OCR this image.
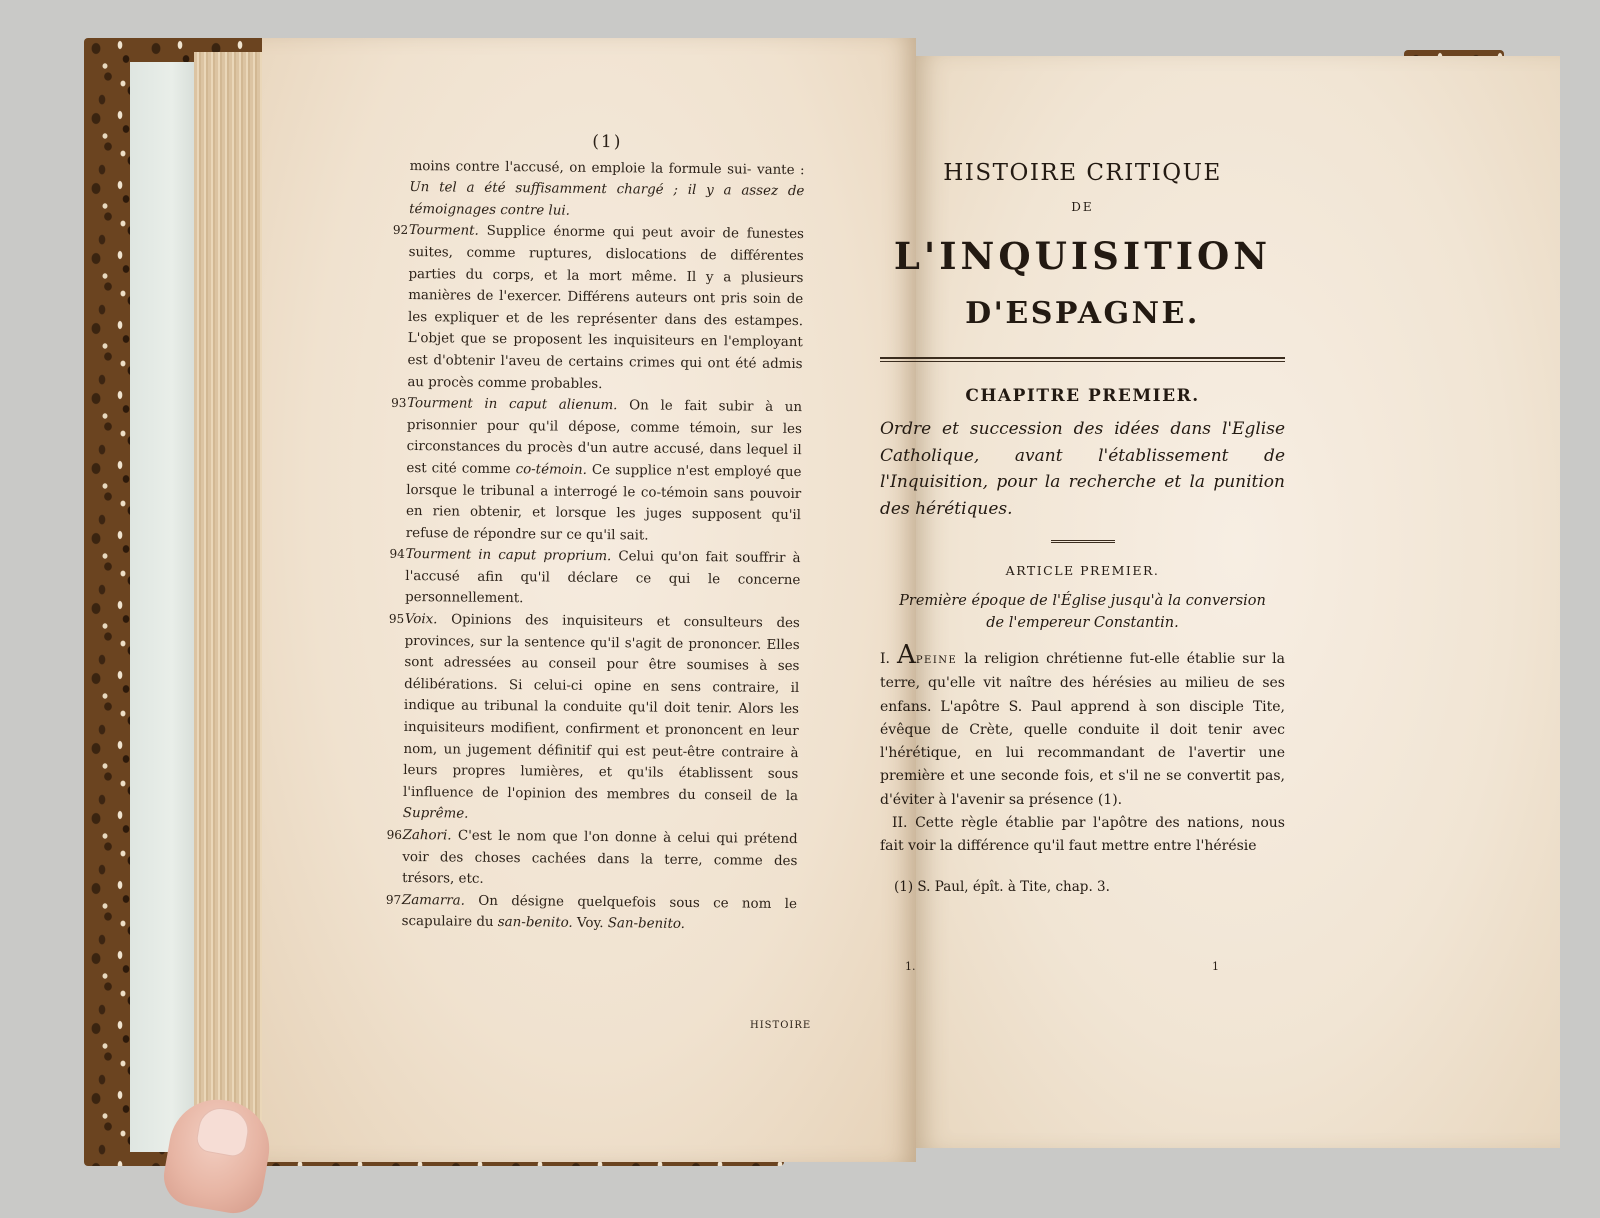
(1)

moins contre l'accusé, on emploie la formule sui- vante : Un tel a été suffisamment chargé ; il y a assez de témoignages contre lui.

92 Tourment. Supplice énorme qui peut avoir de funestes suites, comme ruptures, dislocations de différentes parties du corps, et la mort même. Il y a plusieurs manières de l'exercer. Différens auteurs ont pris soin de les expliquer et de les représenter dans des estampes. L'objet que se proposent les inquisiteurs en l'employant est d'obtenir l'aveu de certains crimes qui ont été admis au procès comme probables.

93 Tourment in caput alienum. On le fait subir à un prisonnier pour qu'il dépose, comme témoin, sur les circonstances du procès d'un autre accusé, dans lequel il est cité comme co-témoin. Ce supplice n'est employé que lorsque le tribunal a interrogé le co-témoin sans pouvoir en rien obtenir, et lorsque les juges supposent qu'il refuse de répondre sur ce qu'il sait.

94 Tourment in caput proprium. Celui qu'on fait souffrir à l'accusé afin qu'il déclare ce qui le concerne personnellement.

95 Voix. Opinions des inquisiteurs et consulteurs des provinces, sur la sentence qu'il s'agit de prononcer. Elles sont adressées au conseil pour être soumises à ses délibérations. Si celui-ci opine en sens contraire, il indique au tribunal la conduite qu'il doit tenir. Alors les inquisiteurs modifient, confirment et prononcent en leur nom, un jugement définitif qui est peut-être contraire à leurs propres lumières, et qu'ils établissent sous l'influence de l'opinion des membres du conseil de la Suprême.

96 Zahori. C'est le nom que l'on donne à celui qui prétend voir des choses cachées dans la terre, comme des trésors, etc.

97 Zamarra. On désigne quelquefois sous ce nom le scapulaire du san-benito. Voy. San-benito.

HISTOIRE

HISTOIRE CRITIQUE

DE

L'INQUISITION

D'ESPAGNE.

CHAPITRE PREMIER.

Ordre et succession des idées dans l'Eglise Catholique, avant l'établissement de l'Inquisition, pour la recherche et la punition des hérétiques.

ARTICLE PREMIER.

Première époque de l'Église jusqu'à la conversion
de l'empereur Constantin.

I. APEINE la religion chrétienne fut-elle établie sur la terre, qu'elle vit naître des hérésies au milieu de ses enfans. L'apôtre S. Paul apprend à son disciple Tite, évêque de Crète, quelle conduite il doit tenir avec l'hérétique, en lui recommandant de l'avertir une première et une seconde fois, et s'il ne se convertit pas, d'éviter à l'avenir sa présence (1).

II. Cette règle établie par l'apôtre des nations, nous fait voir la différence qu'il faut mettre entre l'hérésie

(1) S. Paul, épît. à Tite, chap. 3.

1.	1
